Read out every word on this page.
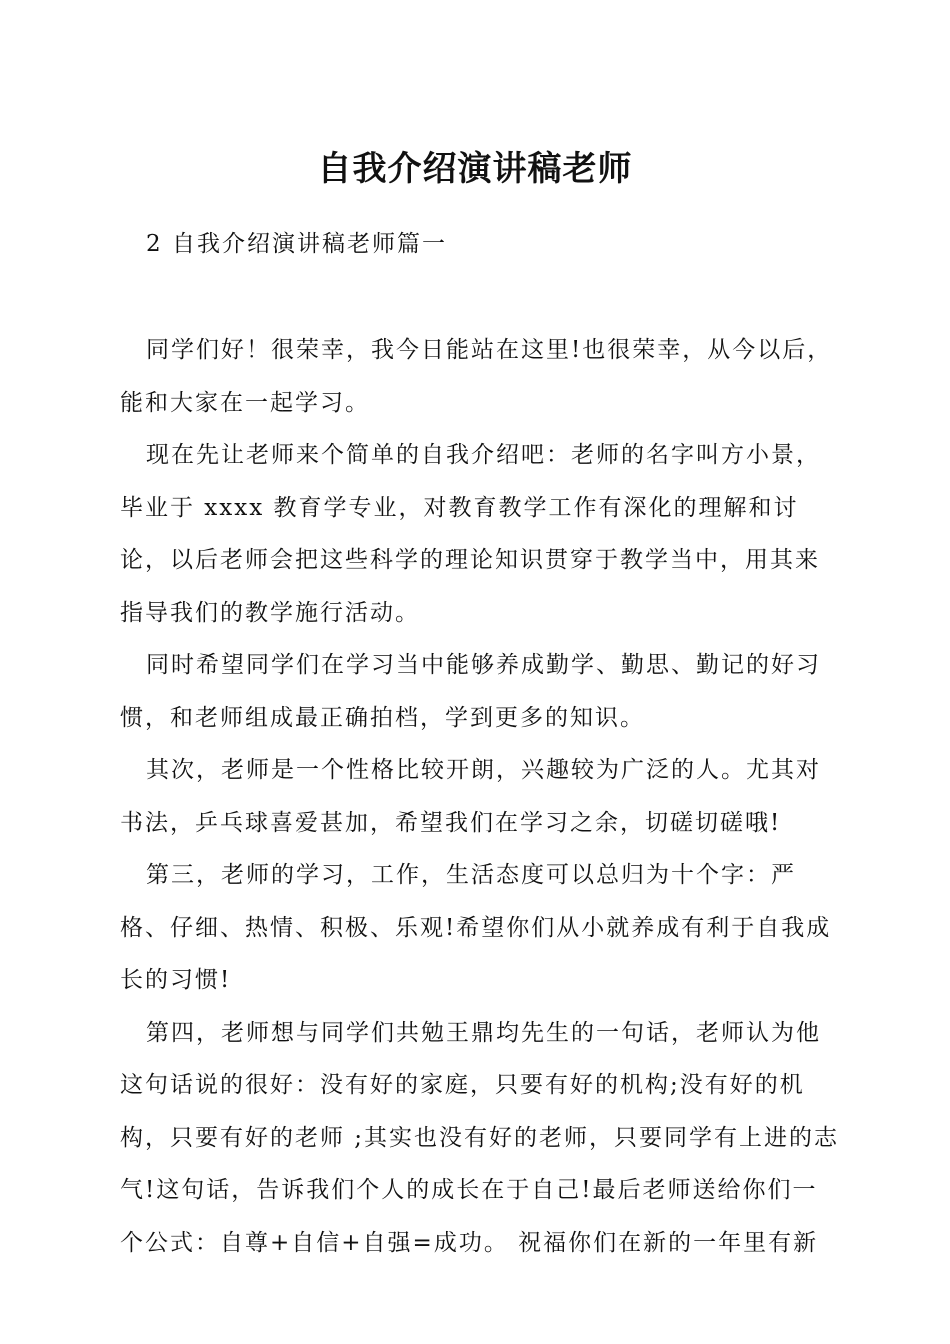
自我介绍演讲稿老师

2 自我介绍演讲稿老师篇一

同学们好！很荣幸，我今日能站在这里!也很荣幸，从今以后，能和大家在一起学习。

现在先让老师来个简单的自我介绍吧：老师的名字叫方小景，毕业于 xxxx 教育学专业，对教育教学工作有深化的理解和讨论，以后老师会把这些科学的理论知识贯穿于教学当中，用其来指导我们的教学施行活动。

同时希望同学们在学习当中能够养成勤学、勤思、勤记的好习惯，和老师组成最正确拍档，学到更多的知识。

其次，老师是一个性格比较开朗，兴趣较为广泛的人。尤其对书法，乒乓球喜爱甚加，希望我们在学习之余，切磋切磋哦!

第三，老师的学习，工作，生活态度可以总归为十个字：严格、仔细、热情、积极、乐观!希望你们从小就养成有利于自我成长的习惯!

第四，老师想与同学们共勉王鼎均先生的一句话，老师认为他这句话说的很好：没有好的家庭，只要有好的机构;没有好的机构，只要有好的老师 ;其实也没有好的老师，只要同学有上进的志气!这句话，告诉我们个人的成长在于自己!最后老师送给你们一个公式：自尊+自信+自强=成功。 祝福你们在新的一年里有新
